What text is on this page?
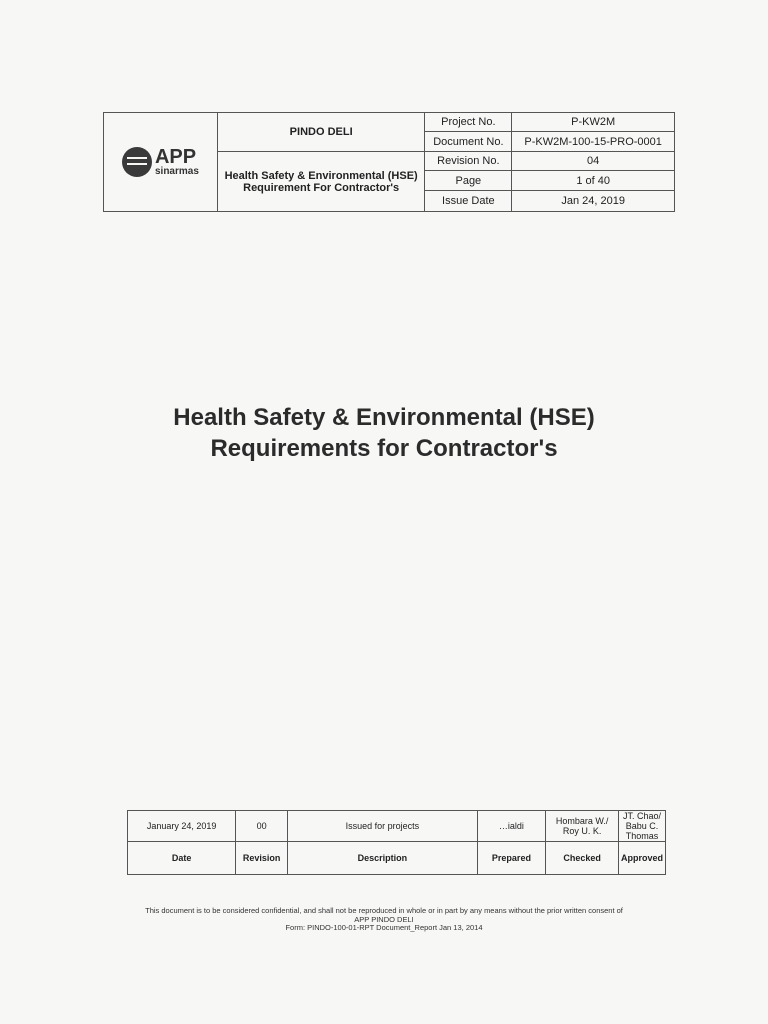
APP
sinarmas	PINDO DELI	Project No.	P-KW2M
		Document No.	P-KW2M-100-15-PRO-0001
	Health Safety & Environmental (HSE) Requirement For Contractor's	Revision No.	04
		Page	1 of 40
		Issue Date	Jan 24, 2019
Health Safety & Environmental (HSE)
Requirements for Contractor's
January 24, 2019	00	Issued for projects	…ialdi	Hombara W./ Roy U. K.	JT. Chao/ Babu C. Thomas
Date	Revision	Description	Prepared	Checked	Approved
This document is to be considered confidential, and shall not be reproduced in whole or in part by any means without the prior written consent of
APP PINDO DELI
Form: PINDO-100-01-RPT Document_Report Jan 13, 2014
